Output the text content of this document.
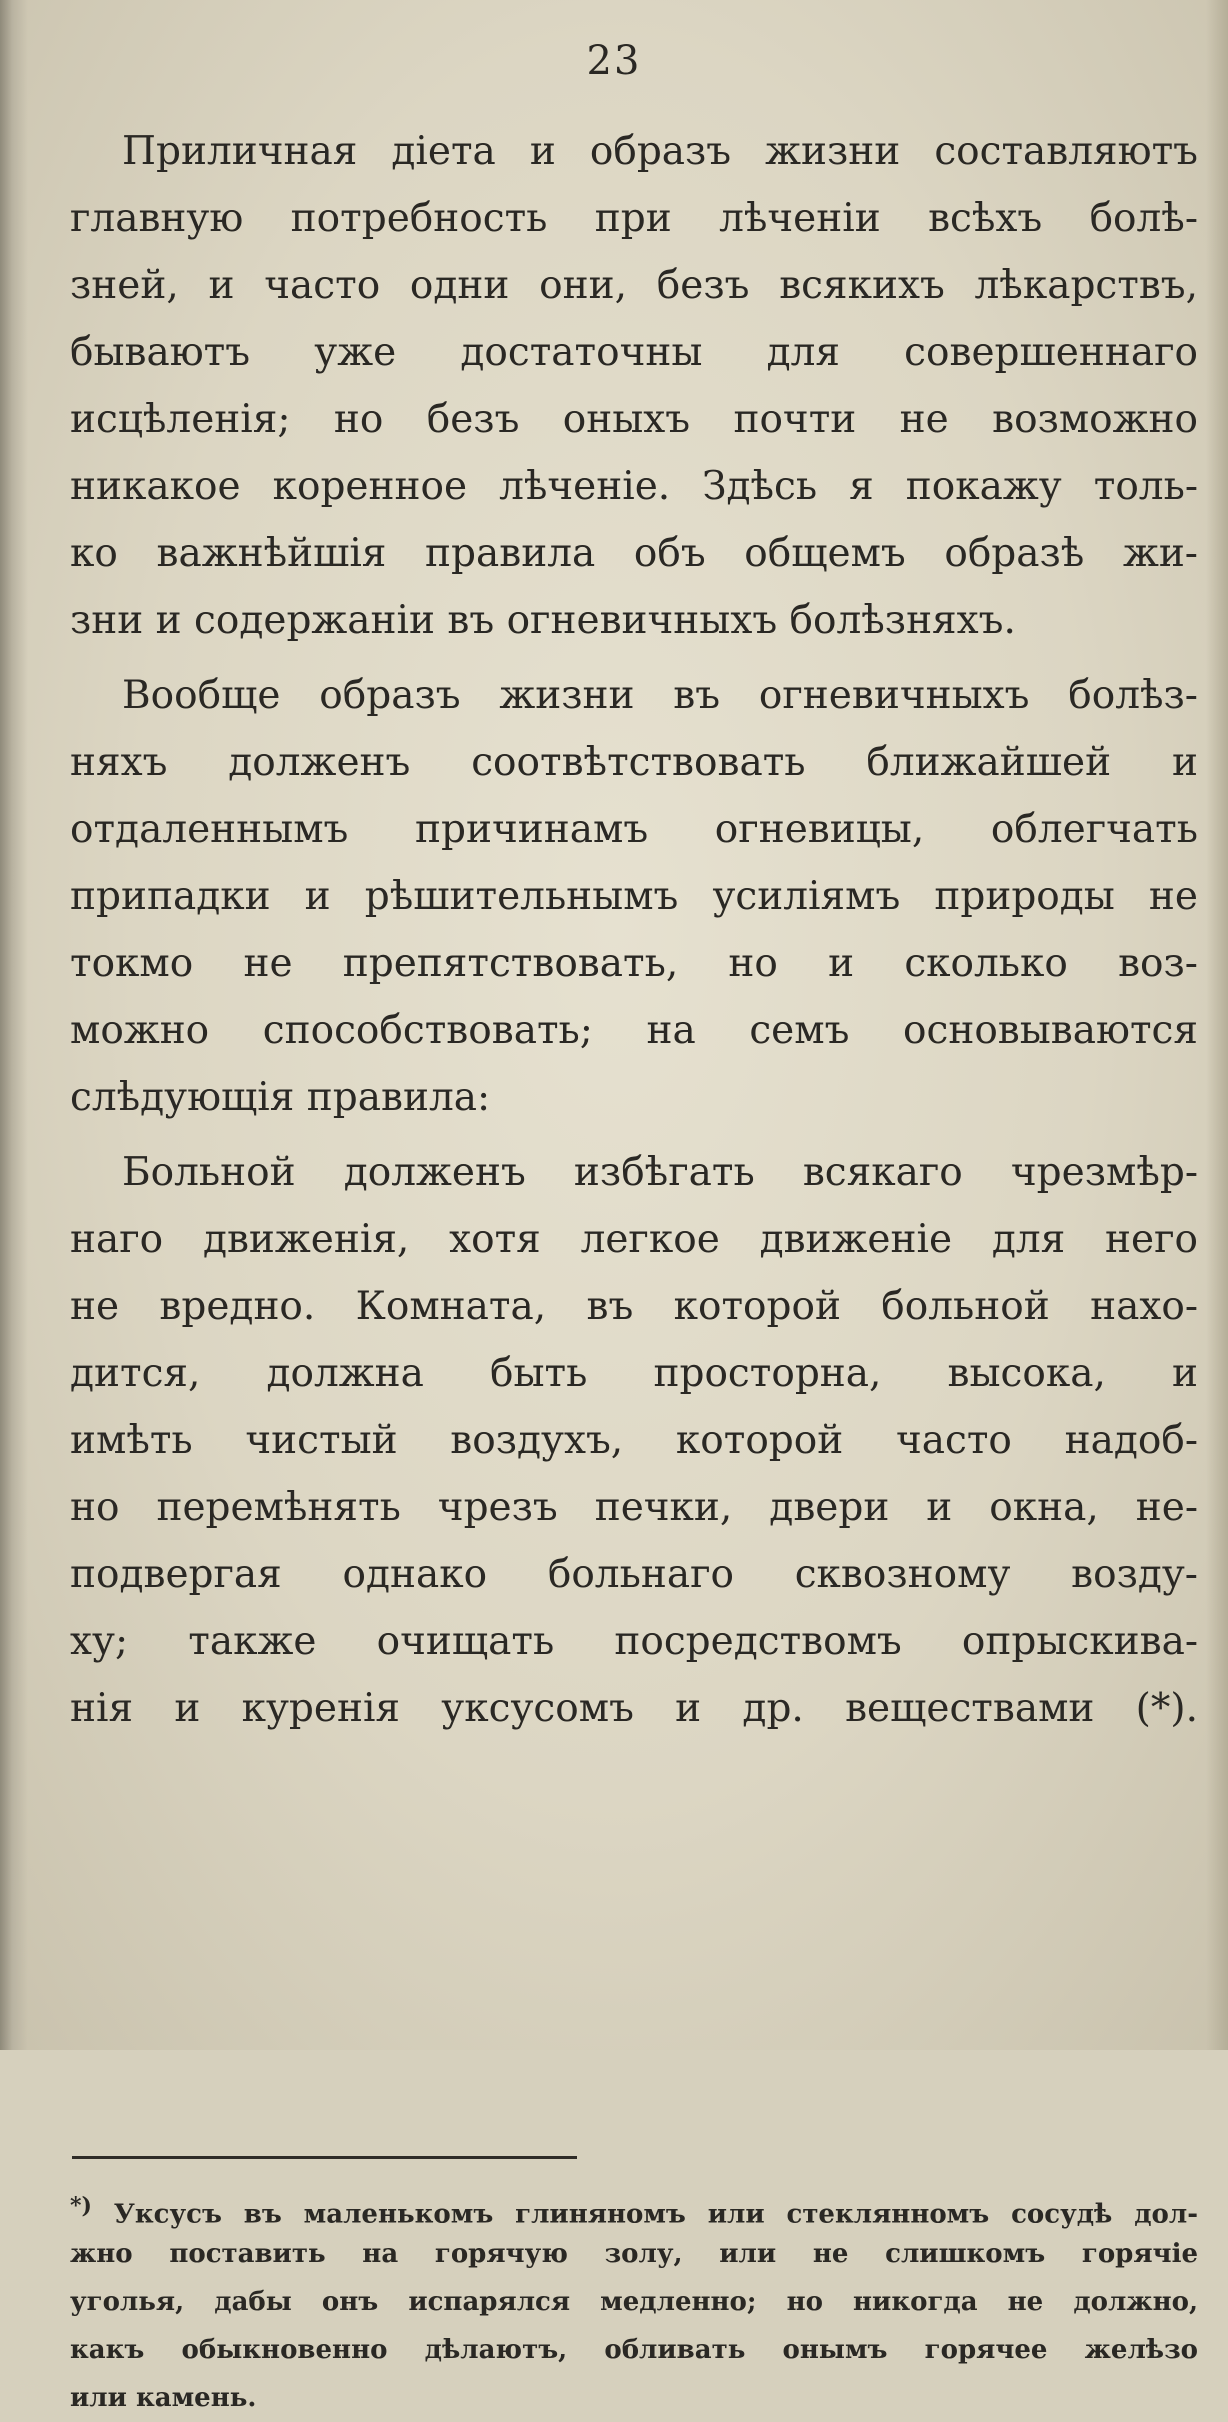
23
Приличная діета и образъ жизни составляютъ
главную потребность при лѣченіи всѣхъ болѣ-
зней, и часто одни они, безъ всякихъ лѣкарствъ,
бываютъ уже достаточны для совершеннаго
исцѣленія; но безъ оныхъ почти не возможно
никакое коренное лѣченіе. Здѣсь я покажу толь-
ко важнѣйшія правила объ общемъ образѣ жи-
зни и содержаніи въ огневичныхъ болѣзняхъ.
Вообще образъ жизни въ огневичныхъ болѣз-
няхъ долженъ соотвѣтствовать ближайшей и
отдаленнымъ причинамъ огневицы, облегчать
припадки и рѣшительнымъ усиліямъ природы не
токмо не препятствовать, но и сколько воз-
можно способствовать; на семъ основываются
слѣдующія правила:
Больной долженъ избѣгать всякаго чрезмѣр-
наго движенія, хотя легкое движеніе для него
не вредно. Комната, въ которой больной нахо-
дится, должна быть просторна, высока, и
имѣть чистый воздухъ, которой часто надоб-
но перемѣнять чрезъ печки, двери и окна, не-
подвергая однако больнаго сквозному возду-
ху; также очищать посредствомъ опрыскива-
нія и куренія уксусомъ и др. веществами (*).
*) Уксусъ въ маленькомъ глиняномъ или стеклянномъ сосудѣ дол-
жно поставить на горячую золу, или не слишкомъ горячіе
уголья, дабы онъ испарялся медленно; но никогда не должно,
какъ обыкновенно дѣлаютъ, обливать онымъ горячее желѣзо
или камень.
